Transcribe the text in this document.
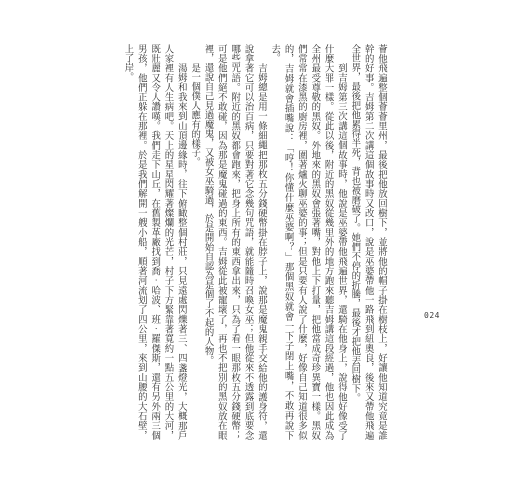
薈他飛遍整個薈薈里州，最後把他放回樹下，並將他的帽子掛在樹枝上，好讓他知道究竟是誰幹的好事。吉姆第二次講這個故事時又改口，說是巫婆帶他一路飛到紐奧良，後來又帶他飛遍全世界，最後把他累得半死，背也被磨破了。她們不停的折騰，最後才把他丟回樹下。

到吉姆第三次講這個故事時，他說是巫婆帶他飛遍世界，還騎在他身上，說得他好像受了什麼大罪一樣。從此以後，附近的黑奴從幾里外的地方跑來聽吉姆講這段經過，他也因此成為全州最受尊敬的黑奴。外地來的黑奴會張著嘴，對他上下打量，把他當成奇珍異寶一樣。黑奴們常常在漆黑的廚房裡，圍著爐火聊巫婆的事；但是只要有人說了什麼，好像自己知道很多似的，吉姆就會插嘴說：「哼！你懂什麼巫婆啊？」那個黑奴就會一下子閉上嘴，不敢再說下去。

吉姆總是用一條細繩把那枚五分錢硬幣掛在脖子上，說那是魔鬼親手交給他的護身符，還說拿著它可以治百病，只要對著它念幾句咒語，就能隨時召喚女巫；但他從來不透露到底要念哪些咒語。附近的黑奴都會跑來，把身上所有的東西拿出來，只為了看一眼那枚五分錢硬幣；可是他們絕不敢碰，因為那是魔鬼碰過的東西。吉姆從此被寵壞了，再也不把別的黑奴放在眼裡，還說自己見過魔鬼，又被女巫騎過，於是開始自認為是個了不起的人物。

是一個僕人應有的樣子。

湯姆和我來到山頂邊緣時，往下俯瞰整個村莊，只見遠處閃爍著三、四盞燈光，大概那戶人家裡有人生病吧。天上的星星閃耀著燦爛的光芒，村子下方緊靠著寬約一點五公里的大河，既壯麗又令人讚嘆。我們走下山丘，在舊製革廠找到喬‧哈波、班‧羅傑斯，還有另外兩三個男孩，他們正躲在那裡。於是我們解開一艘小船，順著河流划了四公里，來到山腰的大石壁，上了岸。

024
